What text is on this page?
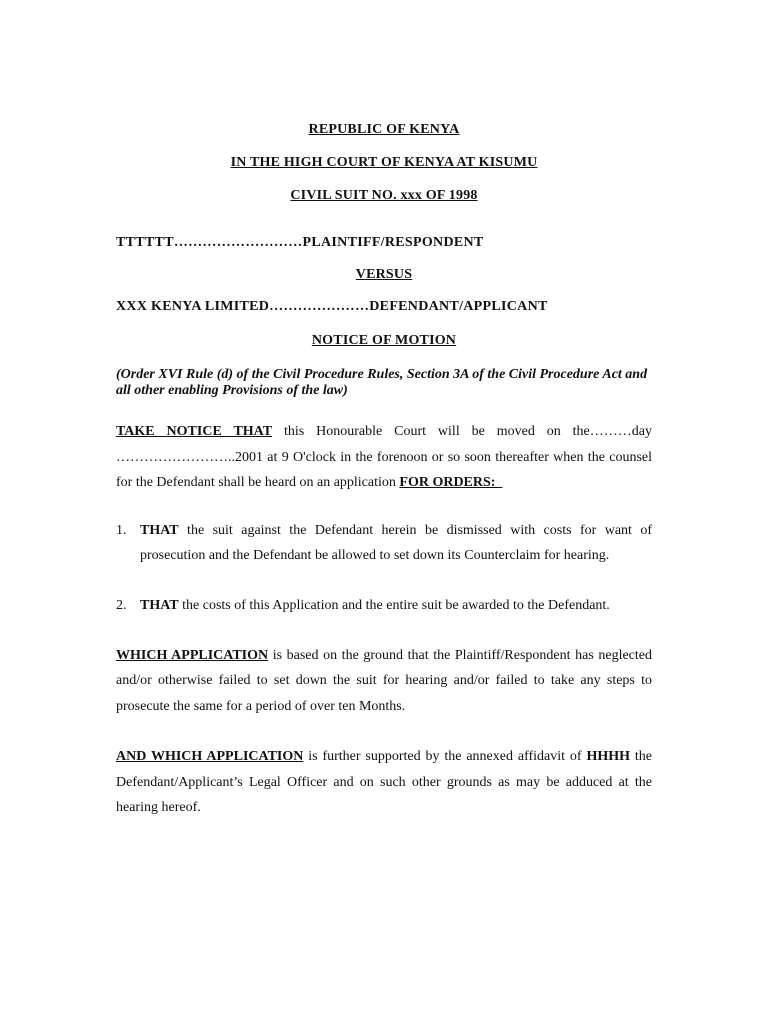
REPUBLIC OF KENYA
IN THE HIGH COURT OF KENYA AT KISUMU
CIVIL SUIT NO. xxx OF 1998
TTTTTT………………………PLAINTIFF/RESPONDENT
VERSUS
XXX KENYA LIMITED…………………DEFENDANT/APPLICANT
NOTICE OF MOTION
(Order XVI Rule (d) of the Civil Procedure Rules, Section 3A of the Civil Procedure Act and all other enabling Provisions of the law)

TAKE NOTICE THAT this Honourable Court will be moved on the………day ……………………..2001 at 9 O'clock in the forenoon or so soon thereafter when the counsel for the Defendant shall be heard on an application FOR ORDERS:

1. THAT the suit against the Defendant herein be dismissed with costs for want of prosecution and the Defendant be allowed to set down its Counterclaim for hearing.
2. THAT the costs of this Application and the entire suit be awarded to the Defendant.

WHICH APPLICATION is based on the ground that the Plaintiff/Respondent has neglected and/or otherwise failed to set down the suit for hearing and/or failed to take any steps to prosecute the same for a period of over ten Months.

AND WHICH APPLICATION is further supported by the annexed affidavit of HHHH the Defendant/Applicant’s Legal Officer and on such other grounds as may be adduced at the hearing hereof.
